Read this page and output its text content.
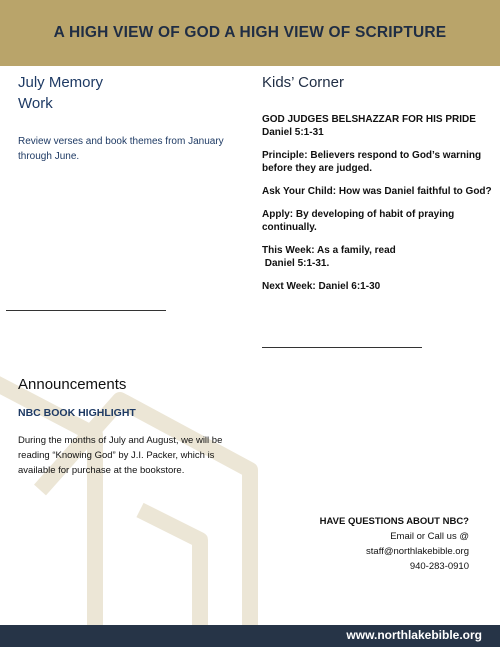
A HIGH VIEW OF GOD A HIGH VIEW OF SCRIPTURE
July Memory
Work
Review verses and book themes from January through June.
Kids’ Corner

GOD JUDGES BELSHAZZAR FOR HIS PRIDE
Daniel 5:1-31

Principle: Believers respond to God’s warning before they are judged.

Ask Your Child: How was Daniel faithful to God?

Apply: By developing of habit of praying continually.

This Week: As a family, read
Daniel 5:1-31.

Next Week: Daniel 6:1-30

Announcements
NBC BOOK HIGHLIGHT
During the months of July and August, we will be reading “Knowing God” by J.I. Packer, which is available for purchase at the bookstore.
HAVE QUESTIONS ABOUT NBC?
Email or Call us @
staff@northlakebible.org
940-283-0910
www.northlakebible.org
